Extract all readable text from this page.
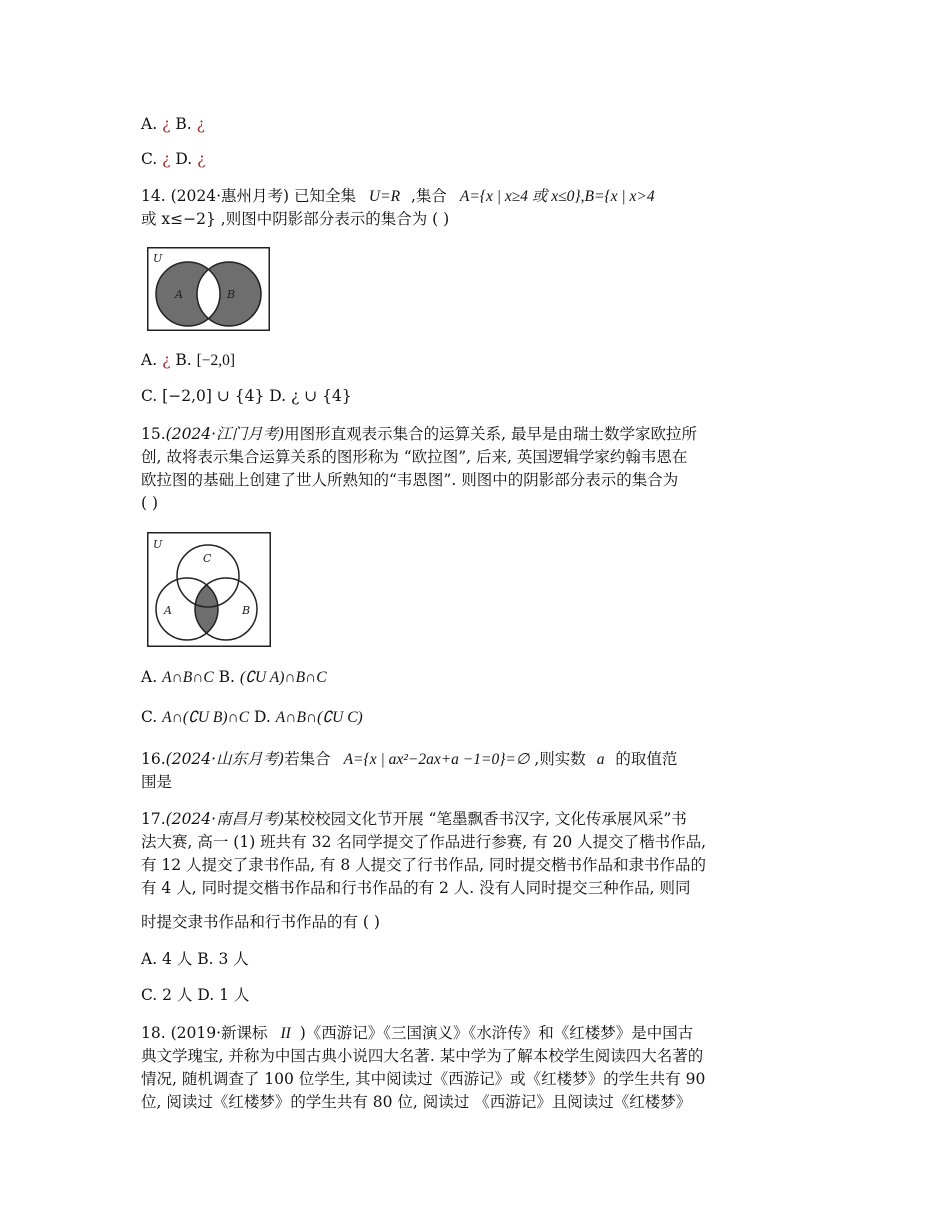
A. ¿ B. ¿
C. ¿ D. ¿
14. (2024·惠州月考) 已知全集 U=R ,集合 A={x | x≥4 或 x≤0},B={x | x>4
或 x≤−2} ,则图中阴影部分表示的集合为 ( )
U
A	B
A. ¿ B. [−2,0]
C. [−2,0] ∪ {4} D. ¿ ∪ {4}
15.(2024·江门月考)用图形直观表示集合的运算关系, 最早是由瑞士数学家欧拉所
创, 故将表示集合运算关系的图形称为 “欧拉图”, 后来, 英国逻辑学家约翰韦恩在
欧拉图的基础上创建了世人所熟知的“韦恩图”. 则图中的阴影部分表示的集合为
( )
U
C
A	B
A. A∩B∩C B. (∁U A)∩B∩C
C. A∩(∁U B)∩C D. A∩B∩(∁U C)
16.(2024·山东月考)若集合 A={x | ax²−2ax+a −1=0}=∅ ,则实数 a 的取值范
围是
17.(2024·南昌月考)某校校园文化节开展 “笔墨飘香书汉字, 文化传承展风采”书
法大赛, 高一 (1) 班共有 32 名同学提交了作品进行参赛, 有 20 人提交了楷书作品,
有 12 人提交了隶书作品, 有 8 人提交了行书作品, 同时提交楷书作品和隶书作品的
有 4 人, 同时提交楷书作品和行书作品的有 2 人. 没有人同时提交三种作品, 则同
时提交隶书作品和行书作品的有 ( )
A. 4 人 B. 3 人
C. 2 人 D. 1 人
18. (2019·新课标 II )《西游记》《三国演义》《水浒传》和《红楼梦》是中国古
典文学瑰宝, 并称为中国古典小说四大名著. 某中学为了解本校学生阅读四大名著的
情况, 随机调查了 100 位学生, 其中阅读过《西游记》或《红楼梦》的学生共有 90
位, 阅读过《红楼梦》的学生共有 80 位, 阅读过 《西游记》且阅读过《红楼梦》
